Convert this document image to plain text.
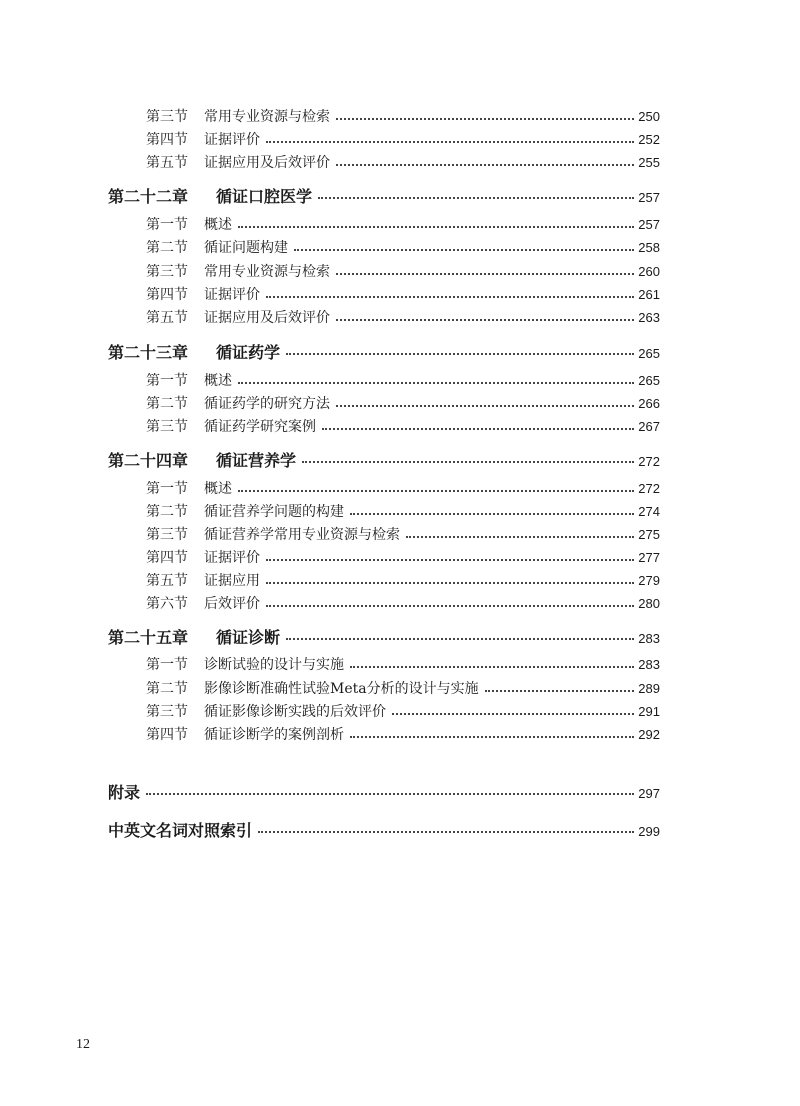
第三节	常用专业资源与检索	250
第四节	证据评价	252
第五节	证据应用及后效评价	255
第二十二章	循证口腔医学	257
第一节	概述	257
第二节	循证问题构建	258
第三节	常用专业资源与检索	260
第四节	证据评价	261
第五节	证据应用及后效评价	263
第二十三章	循证药学	265
第一节	概述	265
第二节	循证药学的研究方法	266
第三节	循证药学研究案例	267
第二十四章	循证营养学	272
第一节	概述	272
第二节	循证营养学问题的构建	274
第三节	循证营养学常用专业资源与检索	275
第四节	证据评价	277
第五节	证据应用	279
第六节	后效评价	280
第二十五章	循证诊断	283
第一节	诊断试验的设计与实施	283
第二节	影像诊断准确性试验Meta分析的设计与实施	289
第三节	循证影像诊断实践的后效评价	291
第四节	循证诊断学的案例剖析	292
附录	297
中英文名词对照索引	299
12
